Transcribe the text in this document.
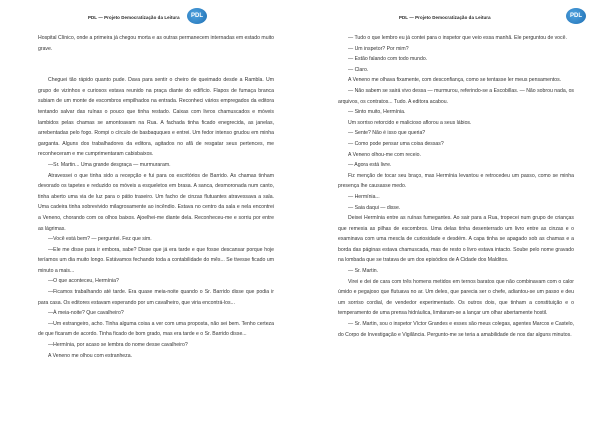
PDL — Projeto Democratização da Leitura	PDL

Hospital Clínico, onde a primeira já chegou morta e as outras permanecem internadas em estado muito grave.

Cheguei tão rápido quanto pude. Dava para sentir o cheiro de queimado desde a Rambla. Um grupo de vizinhos e curiosos estava reunido na praça diante do edifício. Flapos de fumaça branca subiam de um monte de escombros empilhados na entrada. Reconheci vários empregados da editora tentando salvar das ruínas o pouco que tinha restado. Caixas com livros chamuscados e móveis lambidos pelas chamas se amontoavam na Rua. A fachada tinha ficado enegrecida, as janelas, arrebentadas pelo fogo. Rompi o círculo de basbaquques e entrei. Um fedor intenso grudou em minha garganta. Alguns dos trabalhadores da editora, agitados no afã de resgatar seus pertences, me reconheceram e me cumprimentaram cabisbaixos.

—Sr. Martin... Uma grande desgraça — murmuraram.

Atravessei o que tinha sido a recepção e fui para os escritórios de Barrido. As chamas tinham devorado os tapetes e reduzido os móveis a esqueletos em brasa. A sanca, desmoronada num canto, tinha aberto uma via de luz para o pátio traseiro. Um facho de cinzas flutuantes atravessava a sala. Uma cadeira tinha sobrevivido milagrosamente ao incêndio. Estava no centro da sala e nela encontrei a Veneno, chorando com os olhos baixos. Ajoelhei-me diante dela. Reconheceu-me e sorriu por entre as lágrimas.

—Você está bem? — perguntei. Fez que sim.

—Ele me disse para ir embora, sabe? Disse que já era tarde e que fosse descansar porque hoje teríamos um dia muito longo. Estávamos fechando toda a contabilidade do mês... Se tivesse ficado um minuto a mais...

—O que aconteceu, Hermínia?

—Ficamos trabalhando até tarde. Era quase meia-noite quando o Sr. Barrido disse que podia ir para casa. Os editores estavam esperando por um cavalheiro, que viria encontrá-los...

—À meia-noite? Que cavalheiro?

—Um estrangeiro, acho. Tinha alguma coisa a ver com uma proposta, não sei bem. Tenho certeza de que ficaram de acordo. Tinha ficado de bom grado, mas era tarde e o Sr. Barrido disse...

—Hermínia, por acaso se lembra do nome desse cavalheiro?

A Veneno me olhou com estranheza.

PDL — Projeto Democratização da Leitura	PDL

— Tudo o que lembro eu já contei para o inspetor que veio essa manhã. Ele perguntou de você.

— Um inspetor? Por mim?

— Estão falando com todo mundo.

— Claro.

A Veneno me olhava fixamente, com desconfiança, como se tentasse ler meus pensamentos.

— Não sabem se sairá vivo dessa — murmurou, referindo-se a Escobillas. — Não sobrou nada, os arquivos, os contratos... Tudo. A editora acabou.

— Sinto muito, Hermínia.

Um sorriso retorcido e malicioso aflorou a seus lábios.

— Sente? Não é isso que queria?

— Como pode pensar uma coisa dessas?

A Veneno olhou-me com receio.

— Agora está livre.

Fiz menção de tocar seu braço, mas Hermínia levantou e retrocedeu um passo, como se minha presença lhe causasse medo.

— Hermínia...

— Saia daqui — disse.

Deixei Hermínia entre as ruínas fumegantes. Ao sair para a Rua, tropecei num grupo de crianças que remexia as pilhas de escombros. Uma delas tinha desenterrado um livro entre as cinzas e o examinava com uma mescla de curiosidade e desdém. A capa tinha se apagado sob as chamas e a borda das páginas estava chamuscada, mas de resto o livro estava intacto. Soube pelo nome gravado na lombada que se tratava de um dos episódios de A Cidade dos Malditos.

— Sr. Martin.

Virei e dei de cara com três homens metidos em ternos baratos que não combinavam com o calor úmido e pegajoso que flutuava no ar. Um deles, que parecia ser o chefe, adiantou-se um passo e deu um sorriso cordial, de vendedor experimentado. Os outros dois, que tinham a constituição e o temperamento de uma prensa hidráulica, limitaram-se a lançar um olhar abertamente hostil.

— Sr. Martin, sou o inspetor Víctor Grandes e esses são meus colegas, agentes Marcos e Castelo, do Corpo de Investigação e Vigilância. Pergunto-me se teria a amabilidade de nos dar alguns minutos.
